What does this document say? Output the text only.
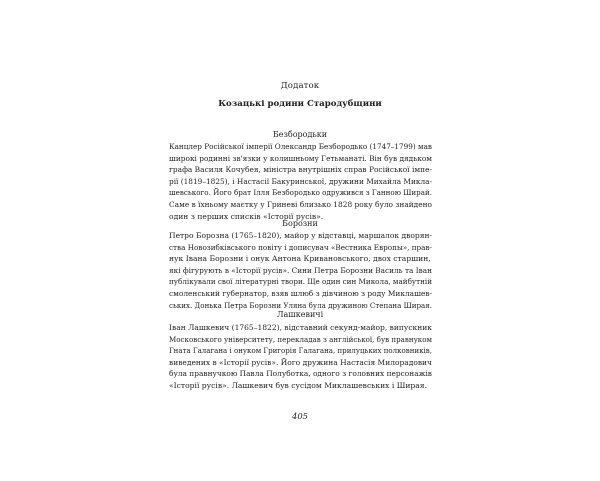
Додаток
Козацькі родини Стародубщини
Безбородьки
Канцлер Російської імперії Олександр Безбородько (1747–1799) мав
широкі родинні зв'язки у колишньому Гетьманаті. Він був дядьком
графа Василя Кочубея, міністра внутрішніх справ Російської імпе-
рії (1819–1825), і Настасії Бакуринської, дружини Михайла Микла-
шевського. Його брат Ілля Безбородько одружився з Ганною Ширай.
Саме в їхньому маєтку у Гриневі близько 1828 року було знайдено
один з перших списків «Історії русів».
Борозни
Петро Борозна (1765–1820), майор у відставці, маршалок дворян-
ства Новозибківського повіту і дописувач «Вестника Европы», прав-
нук Івана Борозни і онук Антона Кривановського, двох старшин,
які фігурують в «Історії русів». Сини Петра Борозни Василь та Іван
публікували свої літературні твори. Ще один син Микола, майбутній
смоленський губернатор, взяв шлюб з дівчиною з роду Миклашев-
ських. Донька Петра Борозни Уляна була дружиною Степана Ширая.
Лашкевичі
Іван Лашкевич (1765–1822), відставний секунд-майор, випускник
Московського університету, перекладав з англійської, був правнуком
Гната Галагана і онуком Григорія Галагана, прилуцьких полковників,
виведених в «Історії русів». Його дружина Настасія Милорадович
була правнучкою Павла Полуботка, одного з головних персонажів
«Історії русів». Лашкевич був сусідом Миклашевських і Ширая.
405
